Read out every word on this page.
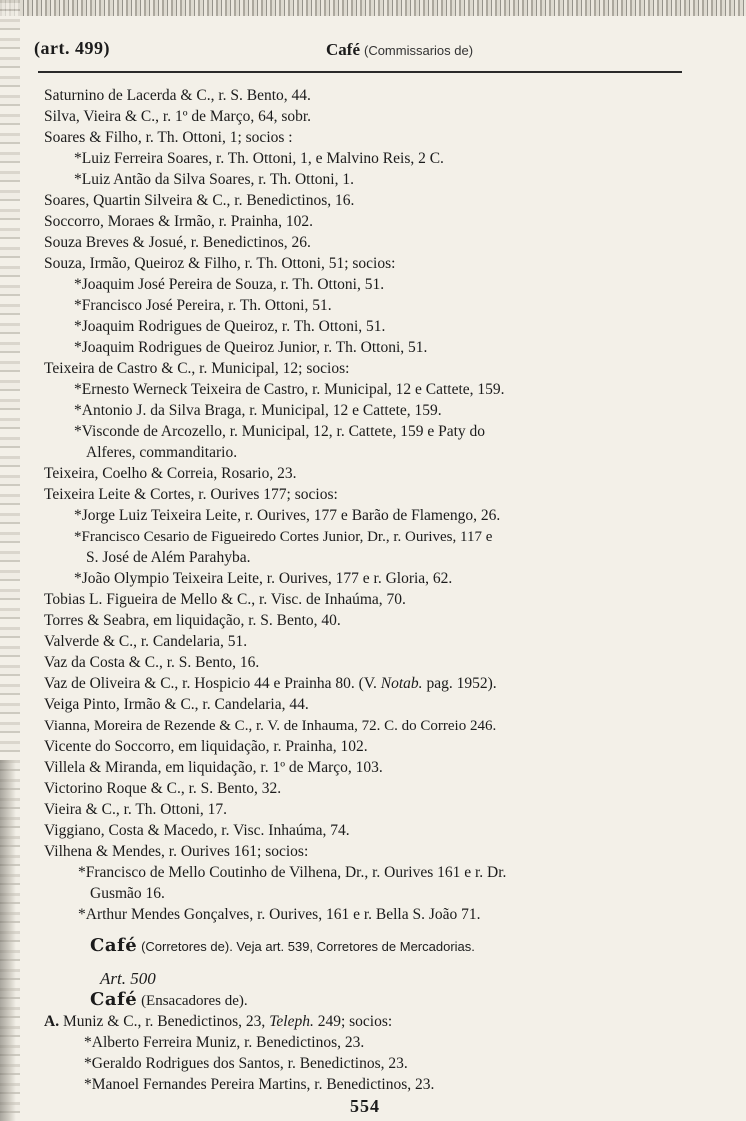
(art. 499)	Café (Commissarios de)
Saturnino de Lacerda & C., r. S. Bento, 44.
Silva, Vieira & C., r. 1º de Março, 64, sobr.
Soares & Filho, r. Th. Ottoni, 1; socios :
*Luiz Ferreira Soares, r. Th. Ottoni, 1, e Malvino Reis, 2 C.
*Luiz Antão da Silva Soares, r. Th. Ottoni, 1.
Soares, Quartin Silveira & C., r. Benedictinos, 16.
Soccorro, Moraes & Irmão, r. Prainha, 102.
Souza Breves & Josué, r. Benedictinos, 26.
Souza, Irmão, Queiroz & Filho, r. Th. Ottoni, 51; socios:
*Joaquim José Pereira de Souza, r. Th. Ottoni, 51.
*Francisco José Pereira, r. Th. Ottoni, 51.
*Joaquim Rodrigues de Queiroz, r. Th. Ottoni, 51.
*Joaquim Rodrigues de Queiroz Junior, r. Th. Ottoni, 51.
Teixeira de Castro & C., r. Municipal, 12; socios:
*Ernesto Werneck Teixeira de Castro, r. Municipal, 12 e Cattete, 159.
*Antonio J. da Silva Braga, r. Municipal, 12 e Cattete, 159.
*Visconde de Arcozello, r. Municipal, 12, r. Cattete, 159 e Paty do
Alferes, commanditario.
Teixeira, Coelho & Correia, Rosario, 23.
Teixeira Leite & Cortes, r. Ourives 177; socios:
*Jorge Luiz Teixeira Leite, r. Ourives, 177 e Barão de Flamengo, 26.
*Francisco Cesario de Figueiredo Cortes Junior, Dr., r. Ourives, 117 e
S. José de Além Parahyba.
*João Olympio Teixeira Leite, r. Ourives, 177 e r. Gloria, 62.
Tobias L. Figueira de Mello & C., r. Visc. de Inhaúma, 70.
Torres & Seabra, em liquidação, r. S. Bento, 40.
Valverde & C., r. Candelaria, 51.
Vaz da Costa & C., r. S. Bento, 16.
Vaz de Oliveira & C., r. Hospicio 44 e Prainha 80. (V. Notab. pag. 1952).
Veiga Pinto, Irmão & C., r. Candelaria, 44.
Vianna, Moreira de Rezende & C., r. V. de Inhauma, 72. C. do Correio 246.
Vicente do Soccorro, em liquidação, r. Prainha, 102.
Villela & Miranda, em liquidação, r. 1º de Março, 103.
Victorino Roque & C., r. S. Bento, 32.
Vieira & C., r. Th. Ottoni, 17.
Viggiano, Costa & Macedo, r. Visc. Inhaúma, 74.
Vilhena & Mendes, r. Ourives 161; socios:
*Francisco de Mello Coutinho de Vilhena, Dr., r. Ourives 161 e r. Dr.
Gusmão 16.
*Arthur Mendes Gonçalves, r. Ourives, 161 e r. Bella S. João 71.
Café (Corretores de). Veja art. 539, Corretores de Mercadorias.
Art. 500
Café (Ensacadores de).
A. Muniz & C., r. Benedictinos, 23, Teleph. 249; socios:
*Alberto Ferreira Muniz, r. Benedictinos, 23.
*Geraldo Rodrigues dos Santos, r. Benedictinos, 23.
*Manoel Fernandes Pereira Martins, r. Benedictinos, 23.
554
